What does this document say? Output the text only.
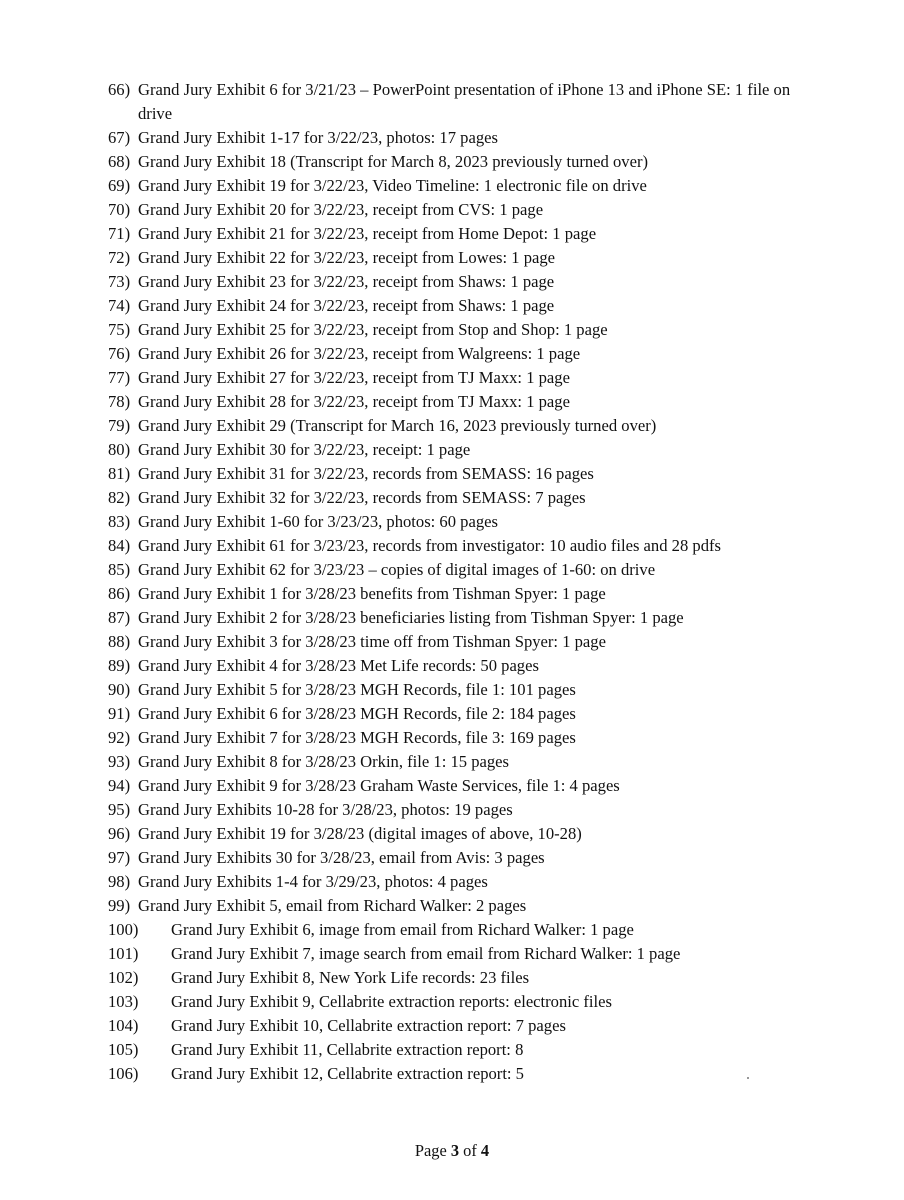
66) Grand Jury Exhibit 6 for 3/21/23 – PowerPoint presentation of iPhone 13 and iPhone SE: 1 file on drive
67) Grand Jury Exhibit 1-17 for 3/22/23, photos: 17 pages
68) Grand Jury Exhibit 18 (Transcript for March 8, 2023 previously turned over)
69) Grand Jury Exhibit 19 for 3/22/23, Video Timeline: 1 electronic file on drive
70) Grand Jury Exhibit 20 for 3/22/23, receipt from CVS: 1 page
71) Grand Jury Exhibit 21 for 3/22/23, receipt from Home Depot: 1 page
72) Grand Jury Exhibit 22 for 3/22/23, receipt from Lowes: 1 page
73) Grand Jury Exhibit 23 for 3/22/23, receipt from Shaws: 1 page
74) Grand Jury Exhibit 24 for 3/22/23, receipt from Shaws: 1 page
75) Grand Jury Exhibit 25 for 3/22/23, receipt from Stop and Shop: 1 page
76) Grand Jury Exhibit 26 for 3/22/23, receipt from Walgreens: 1 page
77) Grand Jury Exhibit 27 for 3/22/23, receipt from TJ Maxx: 1 page
78) Grand Jury Exhibit 28 for 3/22/23, receipt from TJ Maxx: 1 page
79) Grand Jury Exhibit 29 (Transcript for March 16, 2023 previously turned over)
80) Grand Jury Exhibit 30 for 3/22/23, receipt: 1 page
81) Grand Jury Exhibit 31 for 3/22/23, records from SEMASS: 16 pages
82) Grand Jury Exhibit 32 for 3/22/23, records from SEMASS: 7 pages
83) Grand Jury Exhibit 1-60 for 3/23/23, photos: 60 pages
84) Grand Jury Exhibit 61 for 3/23/23, records from investigator: 10 audio files and 28 pdfs
85) Grand Jury Exhibit 62 for 3/23/23 – copies of digital images of 1-60: on drive
86) Grand Jury Exhibit 1 for 3/28/23 benefits from Tishman Spyer: 1 page
87) Grand Jury Exhibit 2 for 3/28/23 beneficiaries listing from Tishman Spyer: 1 page
88) Grand Jury Exhibit 3 for 3/28/23 time off from Tishman Spyer: 1 page
89) Grand Jury Exhibit 4 for 3/28/23 Met Life records: 50 pages
90) Grand Jury Exhibit 5 for 3/28/23 MGH Records, file 1: 101 pages
91) Grand Jury Exhibit 6 for 3/28/23 MGH Records, file 2: 184 pages
92) Grand Jury Exhibit 7 for 3/28/23 MGH Records, file 3: 169 pages
93) Grand Jury Exhibit 8 for 3/28/23 Orkin, file 1: 15 pages
94) Grand Jury Exhibit 9 for 3/28/23 Graham Waste Services, file 1: 4 pages
95) Grand Jury Exhibits 10-28 for 3/28/23, photos: 19 pages
96) Grand Jury Exhibit 19 for 3/28/23 (digital images of above, 10-28)
97) Grand Jury Exhibits 30 for 3/28/23, email from Avis: 3 pages
98) Grand Jury Exhibits 1-4 for 3/29/23, photos: 4 pages
99) Grand Jury Exhibit 5, email from Richard Walker: 2 pages
100)	Grand Jury Exhibit 6, image from email from Richard Walker: 1 page
101)	Grand Jury Exhibit 7, image search from email from Richard Walker: 1 page
102)	Grand Jury Exhibit 8, New York Life records: 23 files
103)	Grand Jury Exhibit 9, Cellabrite extraction reports: electronic files
104)	Grand Jury Exhibit 10, Cellabrite extraction report: 7 pages
105)	Grand Jury Exhibit 11, Cellabrite extraction report: 8
106)	Grand Jury Exhibit 12, Cellabrite extraction report: 5
Page 3 of 4
